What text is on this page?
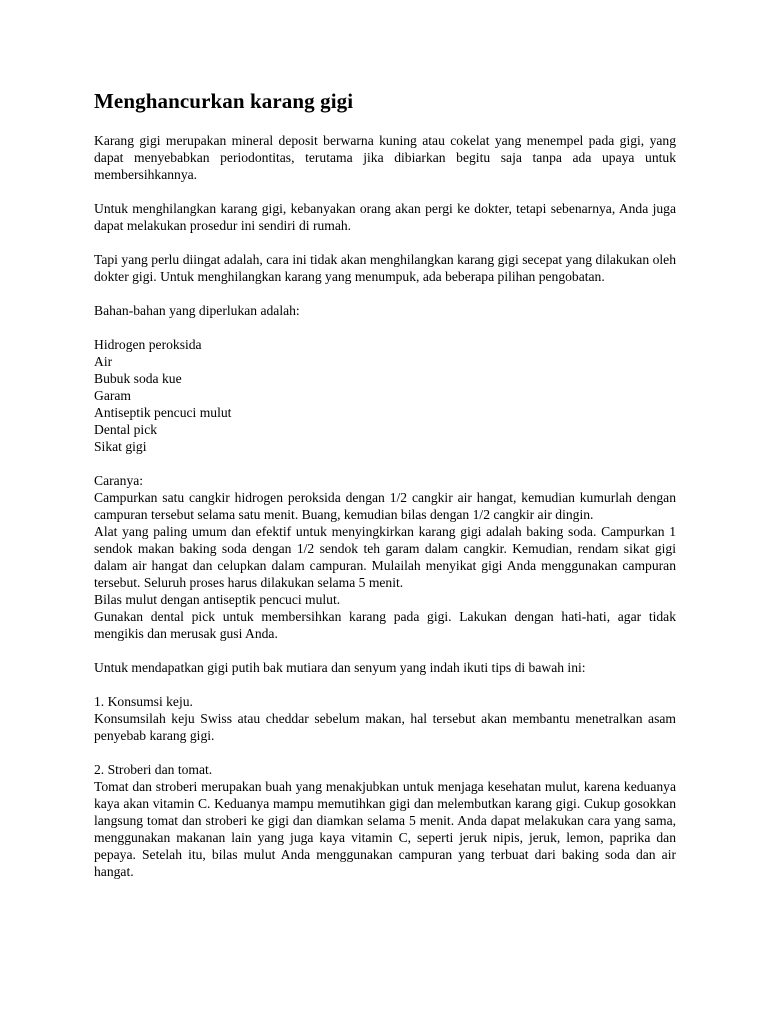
Menghancurkan karang gigi

Karang gigi merupakan mineral deposit berwarna kuning atau cokelat yang menempel pada gigi, yang dapat menyebabkan periodontitas, terutama jika dibiarkan begitu saja tanpa ada upaya untuk membersihkannya.

Untuk menghilangkan karang gigi, kebanyakan orang akan pergi ke dokter, tetapi sebenarnya, Anda juga dapat melakukan prosedur ini sendiri di rumah.

Tapi yang perlu diingat adalah, cara ini tidak akan menghilangkan karang gigi secepat yang dilakukan oleh dokter gigi. Untuk menghilangkan karang yang menumpuk, ada beberapa pilihan pengobatan.

Bahan-bahan yang diperlukan adalah:

Hidrogen peroksida

Air

Bubuk soda kue

Garam

Antiseptik pencuci mulut

Dental pick

Sikat gigi

Caranya:

Campurkan satu cangkir hidrogen peroksida dengan 1/2 cangkir air hangat, kemudian kumurlah dengan campuran tersebut selama satu menit. Buang, kemudian bilas dengan 1/2 cangkir air dingin.

Alat yang paling umum dan efektif untuk menyingkirkan karang gigi adalah baking soda. Campurkan 1 sendok makan baking soda dengan 1/2 sendok teh garam dalam cangkir. Kemudian, rendam sikat gigi dalam air hangat dan celupkan dalam campuran. Mulailah menyikat gigi Anda menggunakan campuran tersebut. Seluruh proses harus dilakukan selama 5 menit.

Bilas mulut dengan antiseptik pencuci mulut.

Gunakan dental pick untuk membersihkan karang pada gigi. Lakukan dengan hati-hati, agar tidak mengikis dan merusak gusi Anda.

Untuk mendapatkan gigi putih bak mutiara dan senyum yang indah ikuti tips di bawah ini:

1. Konsumsi keju.

Konsumsilah keju Swiss atau cheddar sebelum makan, hal tersebut akan membantu menetralkan asam penyebab karang gigi.

2. Stroberi dan tomat.

Tomat dan stroberi merupakan buah yang menakjubkan untuk menjaga kesehatan mulut, karena keduanya kaya akan vitamin C. Keduanya mampu memutihkan gigi dan melembutkan karang gigi. Cukup gosokkan langsung tomat dan stroberi ke gigi dan diamkan selama 5 menit. Anda dapat melakukan cara yang sama, menggunakan makanan lain yang juga kaya vitamin C, seperti jeruk nipis, jeruk, lemon, paprika dan pepaya. Setelah itu, bilas mulut Anda menggunakan campuran yang terbuat dari baking soda dan air hangat.
